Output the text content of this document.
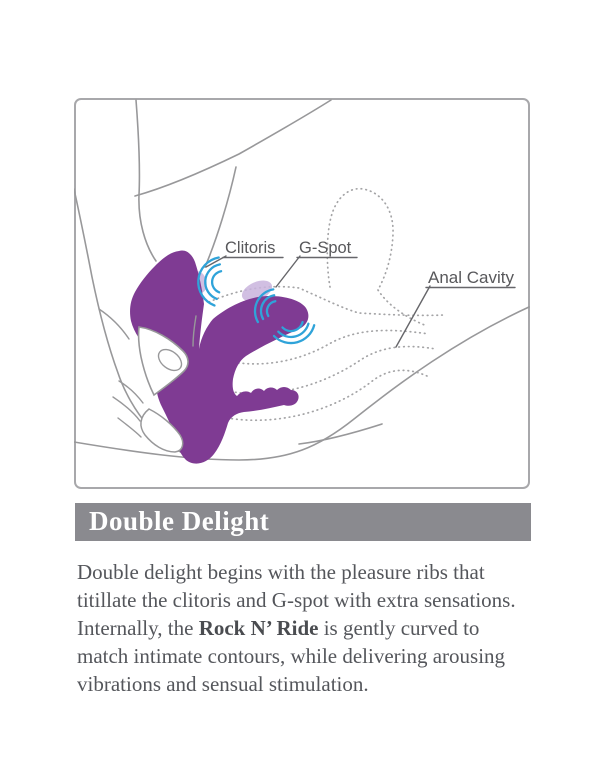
Clitoris G-Spot
Anal Cavity
Double Delight
Double delight begins with the pleasure ribs that
titillate the clitoris and G-spot with extra sensations.
Internally, the Rock N’ Ride is gently curved to
match intimate contours, while delivering arousing
vibrations and sensual stimulation.
